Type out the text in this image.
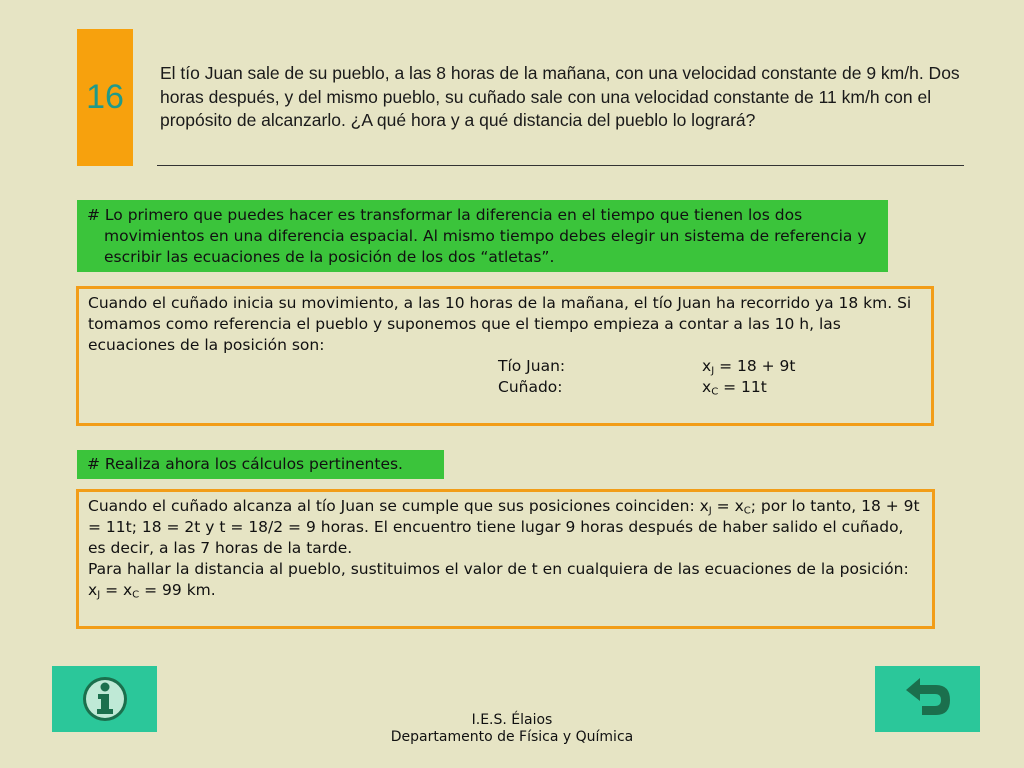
16
El tío Juan sale de su pueblo, a las 8 horas de la mañana, con una velocidad constante de 9 km/h. Dos horas después, y del mismo pueblo, su cuñado sale con una velocidad constante de 11 km/h con el propósito de alcanzarlo. ¿A qué hora y a qué distancia del pueblo lo logrará?
# Lo primero que puedes hacer es transformar la diferencia en el tiempo que tienen los dos movimientos en una diferencia espacial. Al mismo tiempo debes elegir un sistema de referencia y escribir las ecuaciones de la posición de los dos “atletas”.
Cuando el cuñado inicia su movimiento, a las 10 horas de la mañana, el tío Juan ha recorrido ya 18 km. Si tomamos como referencia el pueblo y suponemos que el tiempo empieza a contar a las 10 h, las ecuaciones de la posición son:
Tío Juan:	$x_J = 18 + 9t$
Cuñado:	$x_C = 11t$
# Realiza ahora los cálculos pertinentes.
Cuando el cuñado alcanza al tío Juan se cumple que sus posiciones coinciden: $x_J = x_C$; por lo tanto, 18 + 9t = 11t; 18 = 2t y t = 18/2 = 9 horas. El encuentro tiene lugar 9 horas después de haber salido el cuñado, es decir, a las 7 horas de la tarde.
Para hallar la distancia al pueblo, sustituimos el valor de t en cualquiera de las ecuaciones de la posición: $x_J = x_C = 99$ km.
I.E.S. Élaios
Departamento de Física y Química
